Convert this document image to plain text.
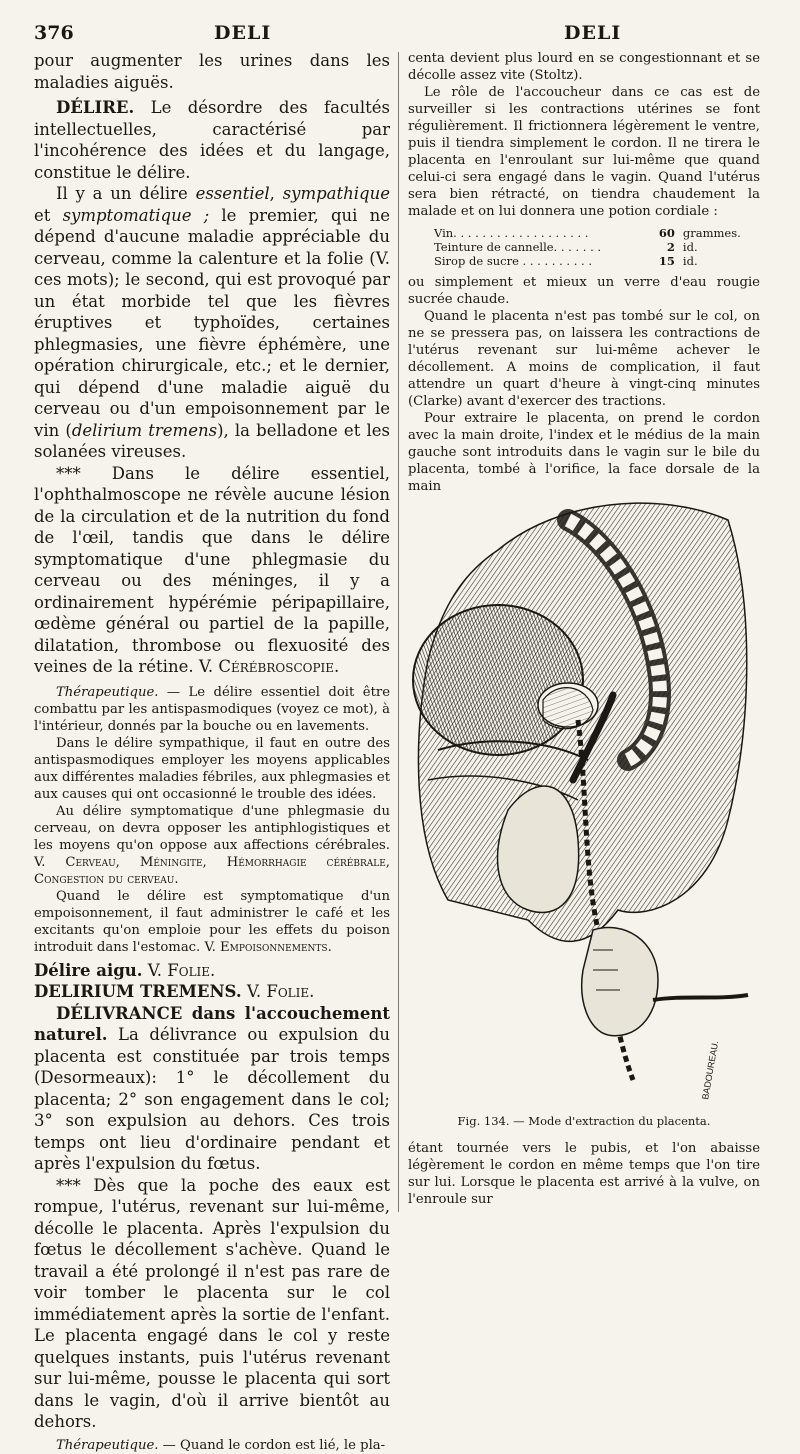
376	DELI	DELI

pour augmenter les urines dans les maladies aiguës.

DÉLIRE. Le désordre des facultés intellectuelles, caractérisé par l'incohérence des idées et du langage, constitue le délire.

Il y a un délire essentiel, sympathique et symptomatique ; le premier, qui ne dépend d'aucune maladie appréciable du cerveau, comme la calenture et la folie (V. ces mots); le second, qui est provoqué par un état morbide tel que les fièvres éruptives et typhoïdes, certaines phlegmasies, une fièvre éphémère, une opération chirurgicale, etc.; et le dernier, qui dépend d'une maladie aiguë du cerveau ou d'un empoisonnement par le vin (delirium tremens), la belladone et les solanées vireuses.

*** Dans le délire essentiel, l'ophthalmoscope ne révèle aucune lésion de la circulation et de la nutrition du fond de l'œil, tandis que dans le délire symptomatique d'une phlegmasie du cerveau ou des méninges, il y a ordinairement hypérémie péripapillaire, œdème général ou partiel de la papille, dilatation, thrombose ou flexuosité des veines de la rétine. V. Cérébroscopie.

Thérapeutique. — Le délire essentiel doit être combattu par les antispasmodiques (voyez ce mot), à l'intérieur, donnés par la bouche ou en lavements.

Dans le délire sympathique, il faut en outre des antispasmodiques employer les moyens applicables aux différentes maladies fébriles, aux phlegmasies et aux causes qui ont occasionné le trouble des idées.

Au délire symptomatique d'une phlegmasie du cerveau, on devra opposer les antiphlogistiques et les moyens qu'on oppose aux affections cérébrales. V. Cerveau, Méningite, Hémorrhagie cérébrale, Congestion du cerveau.

Quand le délire est symptomatique d'un empoisonnement, il faut administrer le café et les excitants qu'on emploie pour les effets du poison introduit dans l'estomac. V. Empoisonnements.

Délire aigu. V. Folie.

DELIRIUM TREMENS. V. Folie.

DÉLIVRANCE dans l'accouchement naturel. La délivrance ou expulsion du placenta est constituée par trois temps (Desormeaux): 1° le décollement du placenta; 2° son engagement dans le col; 3° son expulsion au dehors. Ces trois temps ont lieu d'ordinaire pendant et après l'expulsion du fœtus.

*** Dès que la poche des eaux est rompue, l'utérus, revenant sur lui-même, décolle le placenta. Après l'expulsion du fœtus le décollement s'achève. Quand le travail a été prolongé il n'est pas rare de voir tomber le placenta sur le col immédiatement après la sortie de l'enfant. Le placenta engagé dans le col y reste quelques instants, puis l'utérus revenant sur lui-même, pousse le placenta qui sort dans le vagin, d'où il arrive bientôt au dehors.

Thérapeutique. — Quand le cordon est lié, le pla-

centa devient plus lourd en se congestionnant et se décolle assez vite (Stoltz).

Le rôle de l'accoucheur dans ce cas est de surveiller si les contractions utérines se font régulièrement. Il frictionnera légèrement le ventre, puis il tiendra simplement le cordon. Il ne tirera le placenta en l'enroulant sur lui-même que quand celui-ci sera engagé dans le vagin. Quand l'utérus sera bien rétracté, on tiendra chaudement la malade et on lui donnera une potion cordiale :

Vin. . . . . . . . . . . . . . . . . . .	60 grammes.
Teinture de cannelle. . . . . . .	2 id.
Sirop de sucre . . . . . . . . . .	15 id.

ou simplement et mieux un verre d'eau rougie sucrée chaude.

Quand le placenta n'est pas tombé sur le col, on ne se pressera pas, on laissera les contractions de l'utérus revenant sur lui-même achever le décollement. A moins de complication, il faut attendre un quart d'heure à vingt-cinq minutes (Clarke) avant d'exercer des tractions.

Pour extraire le placenta, on prend le cordon avec la main droite, l'index et le médius de la main gauche sont introduits dans le vagin sur le bile du placenta, tombé à l'orifice, la face dorsale de la main

BADOUREAU.
Fig. 134. — Mode d'extraction du placenta.

étant tournée vers le pubis, et l'on abaisse légèrement le cordon en même temps que l'on tire sur lui. Lorsque le placenta est arrivé à la vulve, on l'enroule sur
